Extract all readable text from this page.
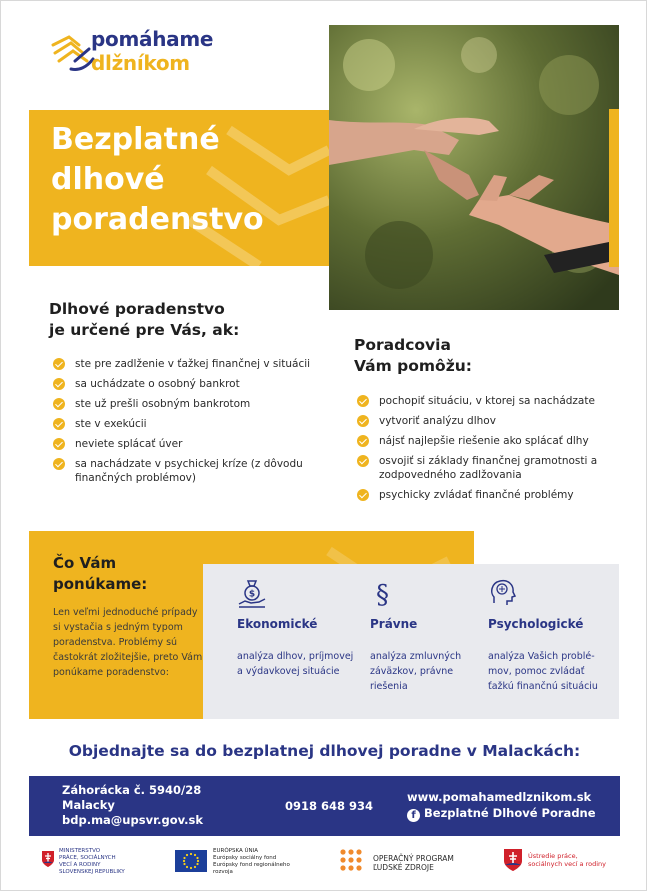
pomáhame
dlžníkom
Bezplatné
dlhové
poradenstvo
Dlhové poradenstvo
je určené pre Vás, ak:
ste pre zadlženie v ťažkej finančnej v situácii
sa uchádzate o osobný bankrot
ste už prešli osobným bankrotom
ste v exekúcii
neviete splácať úver
sa nachádzate v psychickej kríze (z dôvodu finančných problémov)
Poradcovia
Vám pomôžu:
pochopiť situáciu, v ktorej sa nachádzate
vytvoriť analýzu dlhov
nájsť najlepšie riešenie ako splácať dlhy
osvojiť si základy finančnej gramotnosti a zodpovedného zadlžovania
psychicky zvládať finančné problémy
Čo Vám
ponúkame:
Len veľmi jednoduché prípady si vystačia s jedným typom poradenstva. Problémy sú častokrát zložitejšie, preto Vám ponúkame poradenstvo:
$
Ekonomické
analýza dlhov, príjmovej a výdavkovej situácie
§
Právne
analýza zmluvných záväzkov, právne riešenia
Psychologické
analýza Vašich problé- mov, pomoc zvládať ťažkú finančnú situáciu
Objednajte sa do bezplatnej dlhovej poradne v Malackách:
Záhorácka č. 5940/28
Malacky
bdp.ma@upsvr.gov.sk
0918 648 934
www.pomahamedlznikom.sk
f Bezplatné Dlhové Poradne
MINISTERSTVO
PRÁCE, SOCIÁLNYCH
VECÍ A RODINY
SLOVENSKEJ REPUBLIKY
EURÓPSKA ÚNIA
Európsky sociálny fond
Európsky fond regionálneho rozvoja
OPERAČNÝ PROGRAM
ĽUDSKÉ ZDROJE
Ústredie práce,
sociálnych vecí a rodiny
